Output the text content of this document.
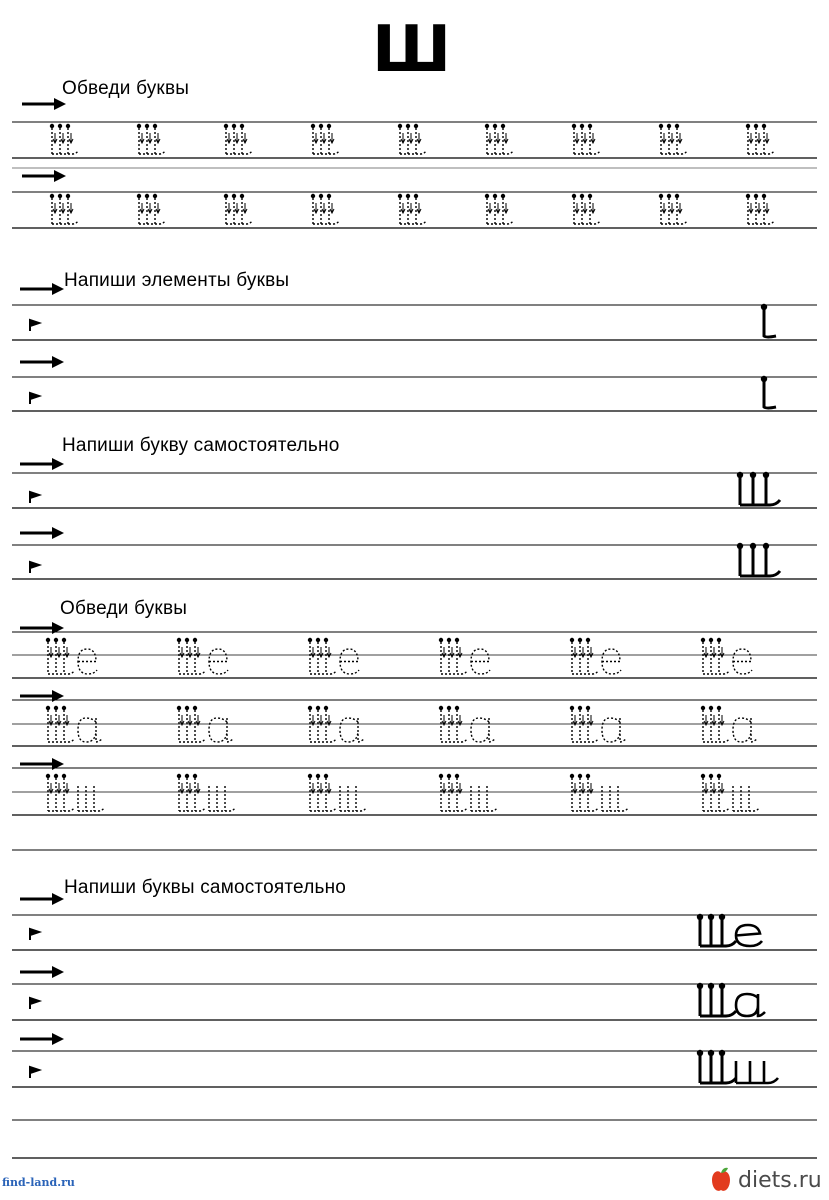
Ш
Обведи буквы
Напиши элементы буквы
Напиши букву самостоятельно
Обведи буквы
Напиши буквы самостоятельно
find-land.ru	diets.ru
